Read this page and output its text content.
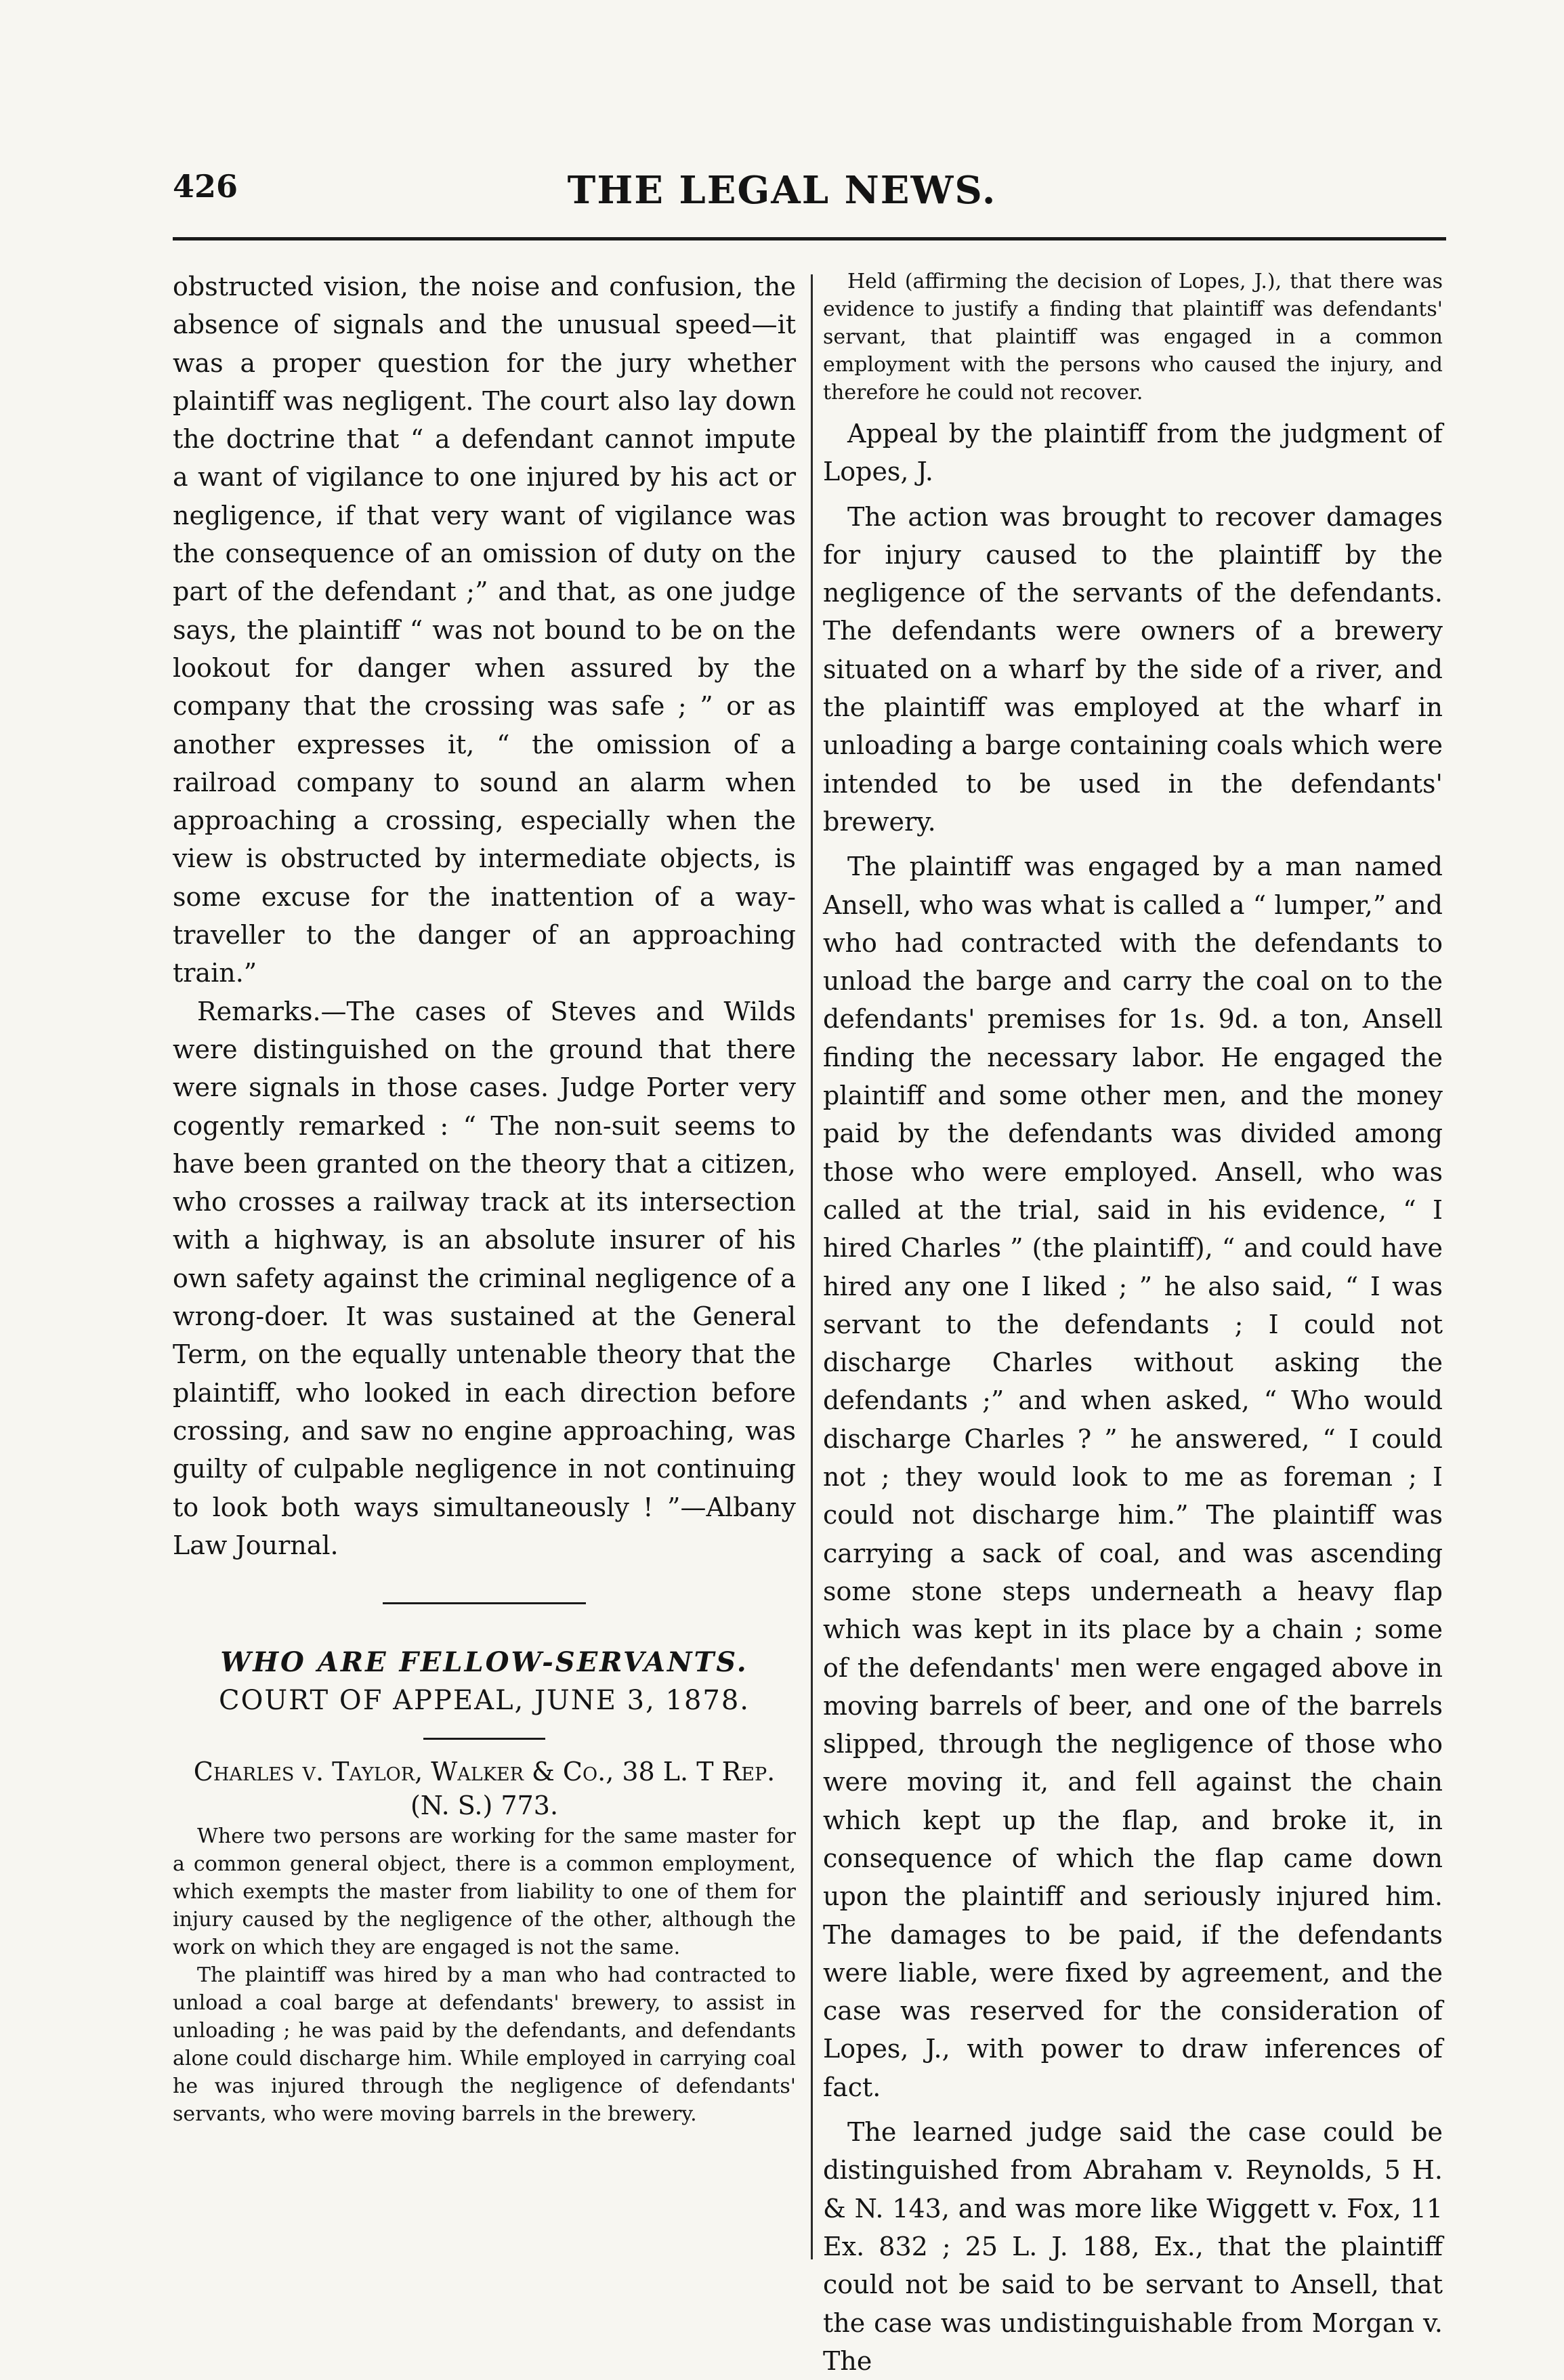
426	THE LEGAL NEWS.

obstructed vision, the noise and confusion, the absence of signals and the unusual speed—it was a proper question for the jury whether plaintiff was negligent. The court also lay down the doctrine that “ a defendant cannot impute a want of vigilance to one injured by his act or negligence, if that very want of vigilance was the consequence of an omission of duty on the part of the defendant ;” and that, as one judge says, the plaintiff “ was not bound to be on the lookout for danger when assured by the company that the crossing was safe ; ” or as another expresses it, “ the omission of a railroad company to sound an alarm when approaching a crossing, especially when the view is obstructed by intermediate objects, is some excuse for the inattention of a way-traveller to the danger of an approaching train.”

Remarks.—The cases of Steves and Wilds were distinguished on the ground that there were signals in those cases. Judge Porter very cogently remarked : “ The non-suit seems to have been granted on the theory that a citizen, who crosses a railway track at its intersection with a highway, is an absolute insurer of his own safety against the criminal negligence of a wrong-doer. It was sustained at the General Term, on the equally untenable theory that the plaintiff, who looked in each direction before crossing, and saw no engine approaching, was guilty of culpable negligence in not continuing to look both ways simultaneously ! ”—Albany Law Journal.

WHO ARE FELLOW-SERVANTS.

COURT OF APPEAL, JUNE 3, 1878.

Charles v. Taylor, Walker & Co., 38 L. T Rep. (N. S.) 773.

Where two persons are working for the same master for a common general object, there is a common employment, which exempts the master from liability to one of them for injury caused by the negligence of the other, although the work on which they are engaged is not the same.

The plaintiff was hired by a man who had contracted to unload a coal barge at defendants' brewery, to assist in unloading ; he was paid by the defendants, and defendants alone could discharge him. While employed in carrying coal he was injured through the negligence of defendants' servants, who were moving barrels in the brewery.

Held (affirming the decision of Lopes, J.), that there was evidence to justify a finding that plaintiff was defendants' servant, that plaintiff was engaged in a common employment with the persons who caused the injury, and therefore he could not recover.

Appeal by the plaintiff from the judgment of Lopes, J.

The action was brought to recover damages for injury caused to the plaintiff by the negligence of the servants of the defendants. The defendants were owners of a brewery situated on a wharf by the side of a river, and the plaintiff was employed at the wharf in unloading a barge containing coals which were intended to be used in the defendants' brewery.

The plaintiff was engaged by a man named Ansell, who was what is called a “ lumper,” and who had contracted with the defendants to unload the barge and carry the coal on to the defendants' premises for 1s. 9d. a ton, Ansell finding the necessary labor. He engaged the plaintiff and some other men, and the money paid by the defendants was divided among those who were employed. Ansell, who was called at the trial, said in his evidence, “ I hired Charles ” (the plaintiff), “ and could have hired any one I liked ; ” he also said, “ I was servant to the defendants ; I could not discharge Charles without asking the defendants ;” and when asked, “ Who would discharge Charles ? ” he answered, “ I could not ; they would look to me as foreman ; I could not discharge him.” The plaintiff was carrying a sack of coal, and was ascending some stone steps underneath a heavy flap which was kept in its place by a chain ; some of the defendants' men were engaged above in moving barrels of beer, and one of the barrels slipped, through the negligence of those who were moving it, and fell against the chain which kept up the flap, and broke it, in consequence of which the flap came down upon the plaintiff and seriously injured him. The damages to be paid, if the defendants were liable, were fixed by agreement, and the case was reserved for the consideration of Lopes, J., with power to draw inferences of fact.

The learned judge said the case could be distinguished from Abraham v. Reynolds, 5 H. & N. 143, and was more like Wiggett v. Fox, 11 Ex. 832 ; 25 L. J. 188, Ex., that the plaintiff could not be said to be servant to Ansell, that the case was undistinguishable from Morgan v. The
